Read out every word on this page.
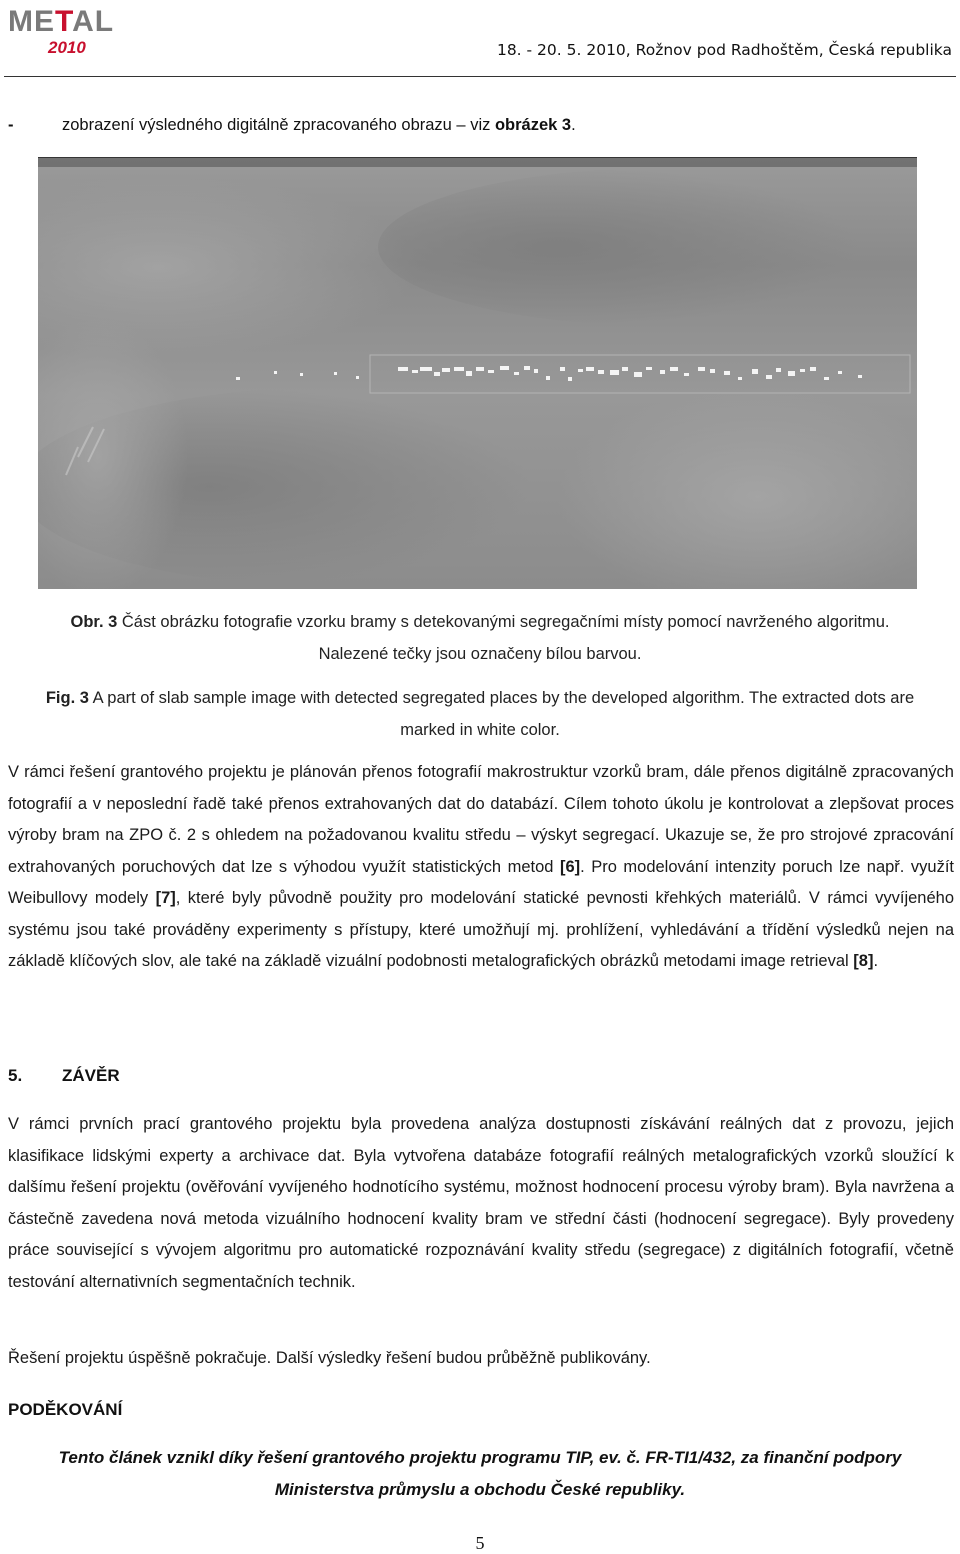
METAL
2010	18. - 20. 5. 2010, Rožnov pod Radhoštěm, Česká republika
-	zobrazení výsledného digitálně zpracovaného obrazu – viz obrázek 3.
Obr. 3 Část obrázku fotografie vzorku bramy s detekovanými segregačními místy pomocí navrženého algoritmu. Nalezené tečky jsou označeny bílou barvou.
Fig. 3 A part of slab sample image with detected segregated places by the developed algorithm. The extracted dots are marked in white color.
V rámci řešení grantového projektu je plánován přenos fotografií makrostruktur vzorků bram, dále přenos digitálně zpracovaných fotografií a v neposlední řadě také přenos extrahovaných dat do databází. Cílem tohoto úkolu je kontrolovat a zlepšovat proces výroby bram na ZPO č. 2 s ohledem na požadovanou kvalitu středu – výskyt segregací. Ukazuje se, že pro strojové zpracování extrahovaných poruchových dat lze s výhodou využít statistických metod [6]. Pro modelování intenzity poruch lze např. využít Weibullovy modely [7], které byly původně použity pro modelování statické pevnosti křehkých materiálů. V rámci vyvíjeného systému jsou také prováděny experimenty s přístupy, které umožňují mj. prohlížení, vyhledávání a třídění výsledků nejen na základě klíčových slov, ale také na základě vizuální podobnosti metalografických obrázků metodami image retrieval [8].
5. ZÁVĚR
V rámci prvních prací grantového projektu byla provedena analýza dostupnosti získávání reálných dat z provozu, jejich klasifikace lidskými experty a archivace dat. Byla vytvořena databáze fotografií reálných metalografických vzorků sloužící k dalšímu řešení projektu (ověřování vyvíjeného hodnotícího systému, možnost hodnocení procesu výroby bram). Byla navržena a částečně zavedena nová metoda vizuálního hodnocení kvality bram ve střední části (hodnocení segregace). Byly provedeny práce související s vývojem algoritmu pro automatické rozpoznávání kvality středu (segregace) z digitálních fotografií, včetně testování alternativních segmentačních technik.
Řešení projektu úspěšně pokračuje. Další výsledky řešení budou průběžně publikovány.
PODĚKOVÁNÍ
Tento článek vznikl díky řešení grantového projektu programu TIP, ev. č. FR-TI1/432, za finanční podpory Ministerstva průmyslu a obchodu České republiky.
5
